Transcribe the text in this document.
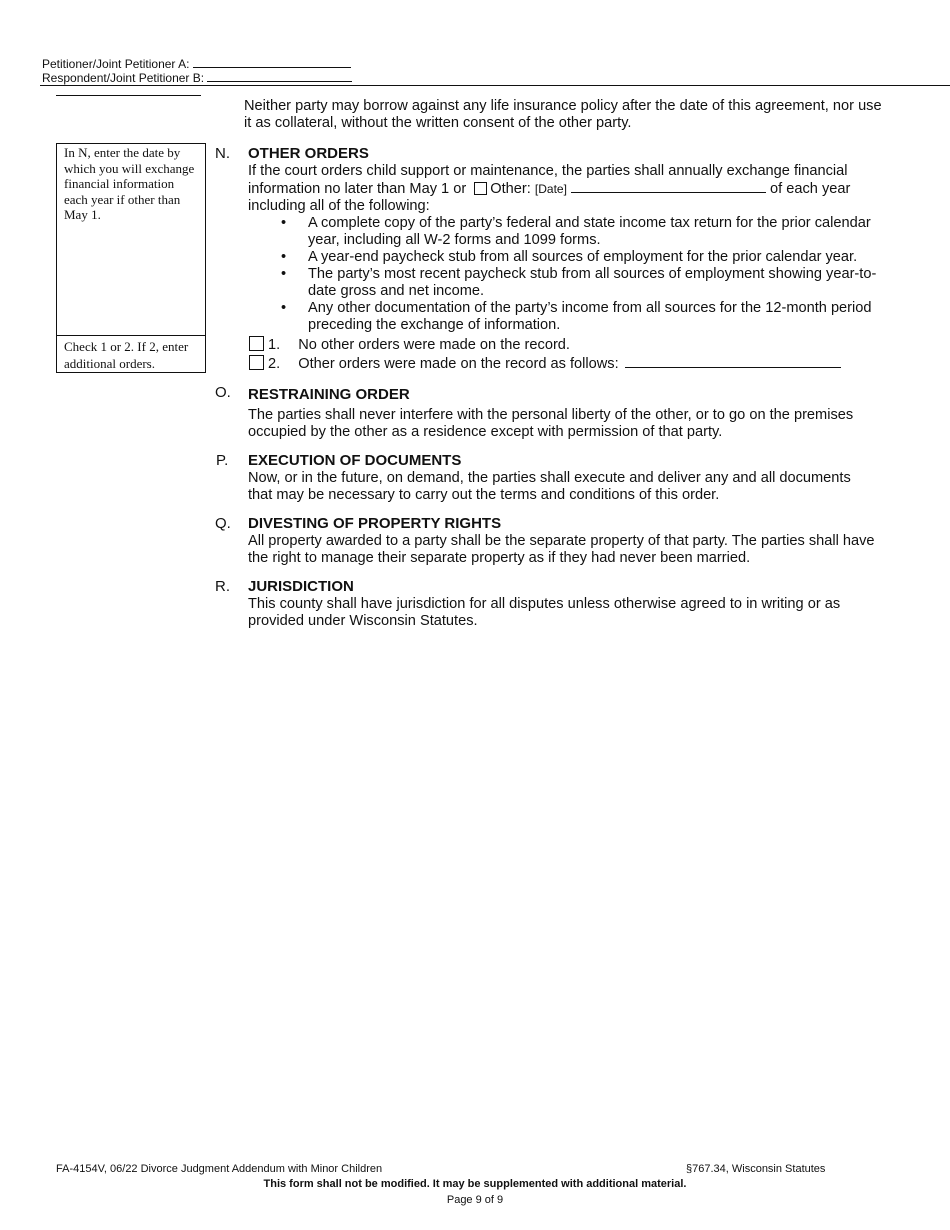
Petitioner/Joint Petitioner A:
Respondent/Joint Petitioner B:
Neither party may borrow against any life insurance policy after the date of this agreement, nor use it as collateral, without the written consent of the other party.
In N, enter the date by which you will exchange financial information each year if other than May 1.
Check 1 or 2. If 2, enter additional orders.
N. OTHER ORDERS
If the court orders child support or maintenance, the parties shall annually exchange financial information no later than May 1 or Other: [Date]	of each year including all of the following:
• A complete copy of the party’s federal and state income tax return for the prior calendar year, including all W-2 forms and 1099 forms.
• A year-end paycheck stub from all sources of employment for the prior calendar year.
• The party’s most recent paycheck stub from all sources of employment showing year-to-date gross and net income.
• Any other documentation of the party’s income from all sources for the 12-month period preceding the exchange of information.
1. No other orders were made on the record.
2. Other orders were made on the record as follows:
O. RESTRAINING ORDER
The parties shall never interfere with the personal liberty of the other, or to go on the premises occupied by the other as a residence except with permission of that party.
P. EXECUTION OF DOCUMENTS
Now, or in the future, on demand, the parties shall execute and deliver any and all documents that may be necessary to carry out the terms and conditions of this order.
Q. DIVESTING OF PROPERTY RIGHTS
All property awarded to a party shall be the separate property of that party. The parties shall have the right to manage their separate property as if they had never been married.
R. JURISDICTION
This county shall have jurisdiction for all disputes unless otherwise agreed to in writing or as provided under Wisconsin Statutes.
FA-4154V, 06/22 Divorce Judgment Addendum with Minor Children	§767.34, Wisconsin Statutes
This form shall not be modified. It may be supplemented with additional material.
Page 9 of 9
